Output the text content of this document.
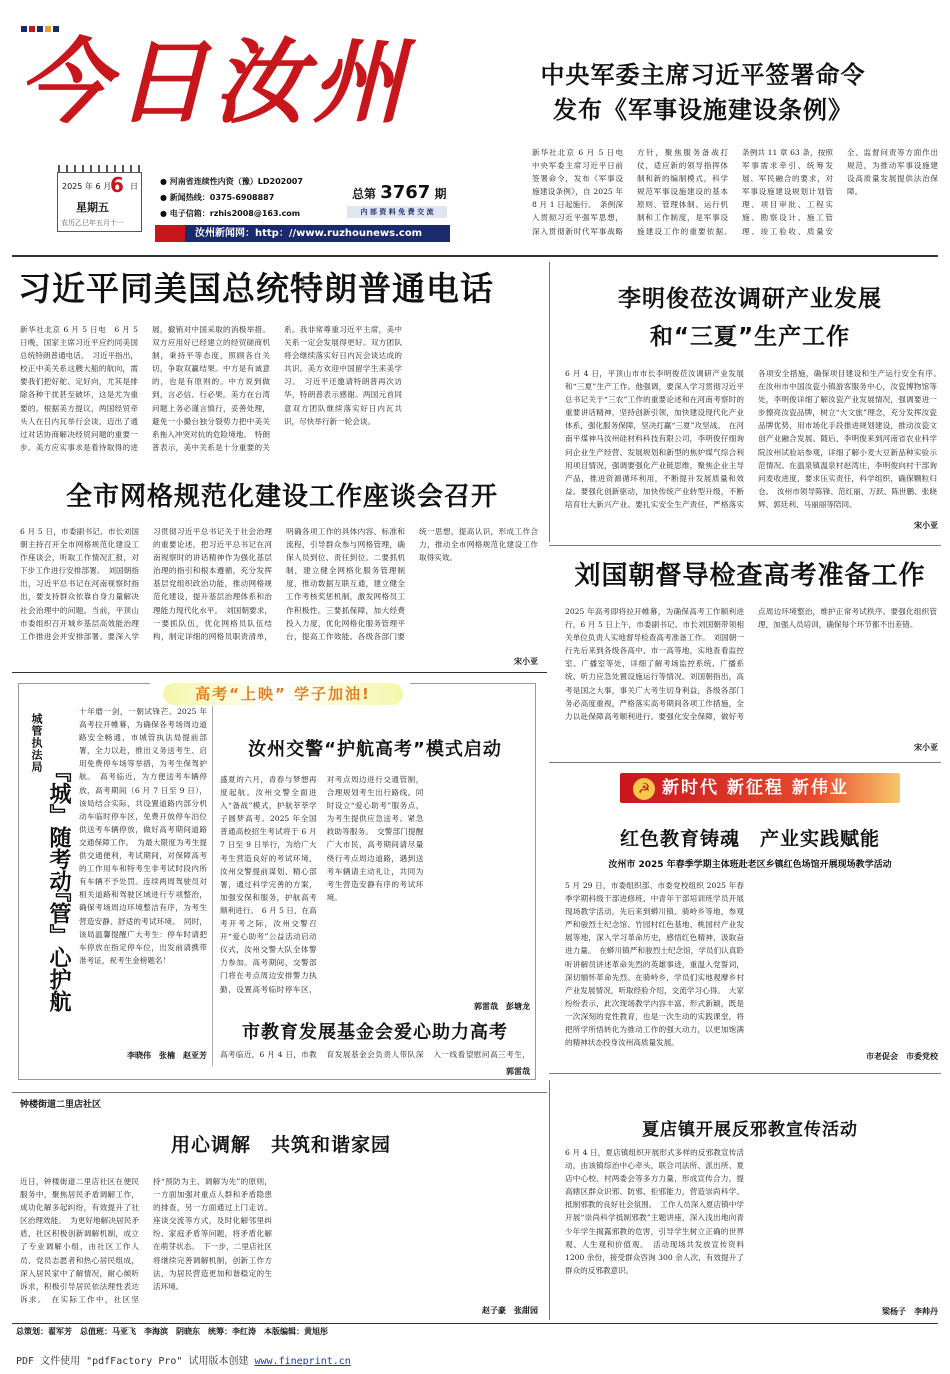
今日汝州
2025 年 6 月
6 日
星期五
农历乙巳年五月十一
● 河南省连续性内资（豫）LD202007
● 新闻热线：0375-6908887
● 电子信箱：rzhis2008@163.com
总第 3767 期
内 部 资 料 免 费 交 流
汝州新闻网：http：//www.ruzhounews.com
中央军委主席习近平签署命令
发布《军事设施建设条例》
新华社北京 6 月 5 日电　中央军委主席习近平日前签署命令，发布《军事设施建设条例》，自 2025 年 8 月 1 日起施行。　条例深入贯彻习近平强军思想，深入贯彻新时代军事战略方针，聚焦服务备战打仗，适应新的领导指挥体制和新的编制模式，科学规范军事设施建设的基本原则、管理体制、运行机制和工作制度，是军事设施建设工作的重要依据。　条例共 11 章 63 条，按照军事需求牵引、统筹发展、军民融合的要求，对军事设施建设规划计划管理、项目审批、工程实施、勘察设计、施工管理、竣工验收、质量安全、监督问责等方面作出规范，为推动军事设施建设高质量发展提供法治保障。
习近平同美国总统特朗普通电话
新华社北京 6 月 5 日电　6 月 5 日晚，国家主席习近平应约同美国总统特朗普通电话。　习近平指出，校正中美关系这艘大船的航向，需要我们把好舵、定好向，尤其是排除各种干扰甚至破坏，这是尤为重要的。根据美方提议，两国经贸牵头人在日内瓦举行会谈，迈出了通过对话协商解决经贸问题的重要一步。美方应实事求是看待取得的进展，撤销对中国采取的消极举措。双方应用好已经建立的经贸磋商机制，秉持平等态度，照顾各自关切，争取双赢结果。中方是有诚意的，也是有原则的。中方说到做到，言必信、行必果。美方在台湾问题上务必谨言慎行，妥善处理，避免一小撮台独分裂势力把中美关系拖入冲突对抗的危险境地。　特朗普表示，美中关系是十分重要的关系。我非常尊重习近平主席，美中关系一定会发展得更好。双方团队将会继续落实好日内瓦会谈达成的共识。美方欢迎中国留学生来美学习。　习近平还邀请特朗普再次访华，特朗普表示感谢。两国元首同意双方团队继续落实好日内瓦共识，尽快举行新一轮会谈。
李明俊莅汝调研产业发展
和“三夏”生产工作
6 月 4 日，平顶山市市长李明俊莅汝调研产业发展和“三夏”生产工作。他强调，要深入学习贯彻习近平总书记关于“三农”工作的重要论述和在河南考察时的重要讲话精神，坚持创新引领，加快建设现代化产业体系，强化服务保障，坚决打赢“三夏”攻坚战。　在河南平煤神马汝州硅材料科技有限公司，李明俊仔细询问企业生产经营、发展规划和新型的焦炉煤气综合利用项目情况，强调要强化产业链思维，聚焦企业主导产品，推进资源循环利用，不断提升发展质量和效益。要强化创新驱动，加快传统产业转型升级，不断培育壮大新兴产业。要扎实安全生产责任，严格落实各项安全措施，确保项目建设和生产运行安全有序。　在汝州市中国汝瓷小镇游客服务中心，汝瓷博物馆等处，李明俊详细了解汝瓷产业发展情况，强调要进一步擦亮汝瓷品牌，树立“大文旅”理念，充分发挥汝瓷品牌优势，用市场化手段推进规划建设，推动汝瓷文创产业融合发展。随后，李明俊来到河南省农业科学院汝州试验站参观，详细了解小麦大豆新品种实验示范情况。在温泉镇温泉村赵湾庄，李明俊向村干部询问麦收进度，要求压实责任，科学组织，确保颗粒归仓。　汝州市领导陈锋、范红丽、万跃、陈世鹏、张晓辉、郭廷利、马丽丽等陪同。
宋小亚
全市网格规范化建设工作座谈会召开
6 月 5 日，市委副书记、市长刘国朝主持召开全市网格规范化建设工作座谈会，听取工作情况汇报，对下步工作进行安排部署。　刘国朝指出，习近平总书记在河南视察时指出，要支持群众依靠自身力量解决社会治理中的问题。当前，平顶山市委组织召开城乡基层高效能治理工作推进会并安排部署。要深入学习贯彻习近平总书记关于社会治理的重要论述，把习近平总书记在河南视察时的讲话精神作为强化基层治理的指引和根本遵循，充分发挥基层党组织政治功能，推动网格规范化建设，提升基层治理体系和治理能力现代化水平。　刘国朝要求，一要抓队伍，优化网格员队伍结构，制定详细的网格员职责清单，明确各项工作的具体内容、标准和流程，引导群众参与网格管理，确保人员到位、责任到位。二要抓机制，建立健全网格化服务管理制度，推动数据互联互通，建立健全工作考核奖惩机制，激发网格员工作积极性。三要抓保障，加大经费投入力度，优化网格化服务管理平台，提高工作效能。各级各部门要统一思想，提高认识，形成工作合力，推动全市网格规范化建设工作取得实效。
宋小亚
刘国朝督导检查高考准备工作
2025 年高考即将拉开帷幕，为确保高考工作顺利进行，6 月 5 日上午，市委副书记、市长刘国朝带领相关单位负责人实地督导检查高考准备工作。　刘国朝一行先后来到各级各高中、市一高等地，实地查看监控室、广播室等处，详细了解考场监控系统、广播系统、听力应急处置设施运行等情况。刘国朝指出，高考是国之大事，事关广大考生切身利益，各级各部门务必高度重视，严格落实高考期间各项工作措施，全力以赴保障高考顺利进行。要强化安全保障，做好考点周边环境整治，维护正常考试秩序。要强化组织管理，加强人员培训，确保每个环节都不出差错。
宋小亚
高考“上映” 学子加油!
城管执法局
『城』随考动
『管』心护航
十年磨一剑，一朝试锋芒。2025 年高考拉开帷幕，为确保各考场周边道路安全畅通，市城管执法局提前部署，全力以赴，推出义务送考生、启用免费停车场等举措，为考生保驾护航。　高考临近，为方便送考车辆停放，高考期间（6 月 7 日至 9 日），该局结合实际，共设置道路内部分机动车临时停车区，免费开放停车泊位供送考车辆停放，做好高考期间道路交通保障工作。　为最大限度为考生提供交通便利，考试期间，对保障高考的工作用车和特考生非考试时段内所有车辆不予处罚。连续两周驾驶员对相关道路和驾驶区域进行专项整治，确保考场周边环境整洁有序，为考生营造安静、舒适的考试环境。　同时，该局温馨提醒广大考生：停车时请把车停放在指定停车位，出发前请携带准考证，祝考生金榜题名！
李晓伟　张楠　赵亚芳
汝州交警“护航高考”模式启动
盛夏的六月，青春与梦想再度起航。汝州交警全面进入“备战”模式，护航莘莘学子圆梦高考。2025 年全国普通高校招生考试将于 6 月 7 日至 9 日举行，为给广大考生营造良好的考试环境，汝州交警提前谋划、精心部署，通过科学完善的方案，加强安保和服务，护航高考顺利进行。　6 月 5 日，在高考开考之际，汝州交警召开“爱心助考”公益活动启动仪式，汝州交警大队全体警力参加。高考期间，交警部门将在考点周边安排警力执勤，设置高考临时停车区，对考点周边进行交通管制，合理规划考生出行路线。同时设立“爱心助考”服务点，为考生提供应急送考、紧急救助等服务。　交警部门提醒广大市民，高考期间请尽量绕行考点周边道路，遇到送考车辆请主动礼让，共同为考生营造安静有序的考试环境。
郭雷哉　彭塘龙
市教育发展基金会爱心助力高考
高考临近，6 月 4 日，市教育发展基金会负责人带队深入一线看望慰问高三考生，　　
郭雷哉
☭ 新时代 新征程 新伟业
红色教育铸魂　产业实践赋能
汝州市 2025 年春季学期主体班赴老区乡镇红色场馆开展现场教学活动
5 月 29 日，市委组织部、市委党校组织 2025 年春季学期科级干部进修班、中青年干部培训班学员开展现场教学活动。先后来到蟒川镇、骑岭乡等地，参观严和骏烈士纪念馆、竹园村红色基地、桃园村产业发展等地，深入学习革命历史，感悟红色精神，汲取奋进力量。　在蟒川镇严和骏烈士纪念馆，学员们认真聆听讲解员讲述革命先烈的英雄事迹，重温入党誓词，深切缅怀革命先烈。在骑岭乡，学员们实地观摩乡村产业发展情况，听取经验介绍，交流学习心得。　大家纷纷表示，此次现场教学内容丰富、形式新颖，既是一次深刻的党性教育，也是一次生动的实践课堂，将把所学所悟转化为推动工作的强大动力，以更加饱满的精神状态投身汝州高质量发展。
市老促会　市委党校
夏店镇开展反邪教宣传活动
6 月 4 日，夏店镇组织开展形式多样的反邪教宣传活动，由该镇综治中心牵头，联合司法所、派出所、夏店中心校、村两委会等多方力量，形成宣传合力，提高辖区群众识邪、防邪、拒邪能力，营造崇尚科学、抵制邪教的良好社会氛围。　工作人员深入夏店镇中学开展“崇尚科学抵制邪教”主题讲座，深入浅出地向青少年学生揭露邪教的危害，引导学生树立正确的世界观、人生观和价值观。　活动现场共发放宣传资料 1200 余份，接受群众咨询 300 余人次，有效提升了群众的反邪教意识。
梁杨子　李帅丹
钟楼街道二里店社区
用心调解　共筑和谐家园
近日，钟楼街道二里店社区在便民服务中，聚焦居民矛盾调解工作，成功化解多起纠纷，有效提升了社区治理效能。　为更好地解决居民矛盾，社区积极创新调解机制，成立了专业调解小组，由社区工作人员、党员志愿者和热心居民组成，深入居民家中了解情况，耐心倾听诉求，积极引导居民依法理性表达诉求。　在实际工作中，社区坚持“预防为主、调解为先”的原则，一方面加强对重点人群和矛盾隐患的排查，另一方面通过上门走访、座谈交流等方式，及时化解邻里纠纷、家庭矛盾等问题，将矛盾化解在萌芽状态。　下一步，二里店社区将继续完善调解机制，创新工作方法，为居民营造更加和谐稳定的生活环境。
赵子豪　张甜园
总策划：翟军芳　总值班：马亚飞　李海滨　阴晓东　统筹：李红涛　本版编辑：黄旭彤
PDF 文件使用 "pdfFactory Pro" 试用版本创建 www.fineprint.cn
